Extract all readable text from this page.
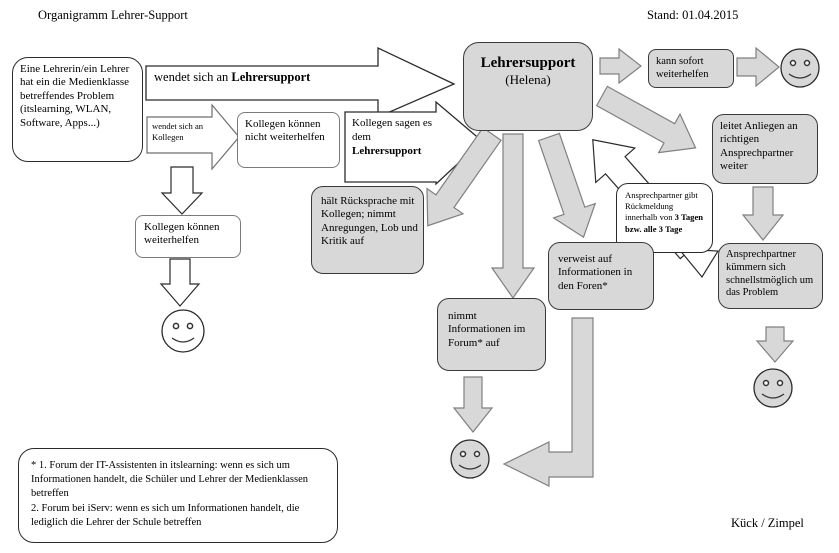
Organigramm Lehrer-Support	Stand: 01.04.2015
Eine Lehrerin/ein Lehrer hat ein die Medienklasse betreffendes Problem (itslearning, WLAN, Software, Apps...)
wendet sich an Lehrersupport
wendet sich an Kollegen
Kollegen können nicht weiterhelfen
Kollegen sagen es dem Lehrersupport
Lehrersupport
(Helena)
kann sofort weiterhelfen
leitet Anliegen an richtigen Ansprechpartner weiter
Ansprechpartner kümmern sich schnellstmöglich um das Problem
Ansprechpartner gibt Rückmeldung innerhalb von 3 Tagen bzw. alle 3 Tage
verweist auf Informationen in den Foren*
hält Rücksprache mit Kollegen; nimmt Anregungen, Lob und Kritik auf
nimmt Informationen im Forum* auf
Kollegen können weiterhelfen
* 1. Forum der IT-Assistenten in itslearning: wenn es sich um Informationen handelt, die Schüler und Lehrer der Medienklassen betreffen
2. Forum bei iServ: wenn es sich um Informationen handelt, die lediglich die Lehrer der Schule betreffen	Kück / Zimpel
